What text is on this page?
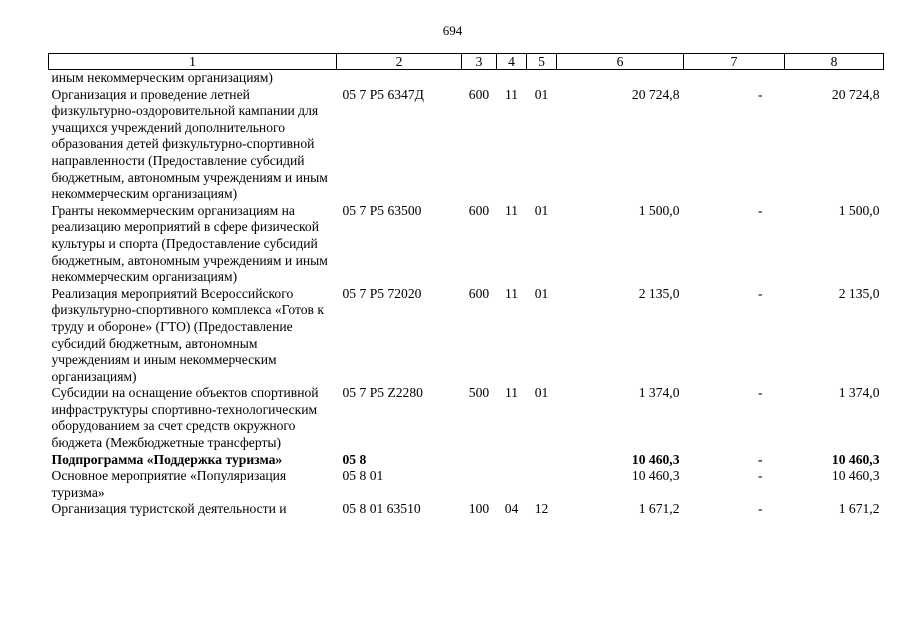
694
1	2	3	4	5	6	7	8
иным некоммерческим организациям)							
Организация и проведение летней физкультурно-оздоровительной кампании для учащихся учреждений дополнительного образования детей физкультурно-спортивной направленности (Предоставление субсидий бюджетным, автономным учреждениям и иным некоммерческим организациям)	05 7 Р5 6347Д	600	11	01	20 724,8	-	20 724,8
Гранты некоммерческим организациям на реализацию мероприятий в сфере физической культуры и спорта (Предоставление субсидий бюджетным, автономным учреждениям и иным некоммерческим организациям)	05 7 Р5 63500	600	11	01	1 500,0	-	1 500,0
Реализация мероприятий Всероссийского физкультурно-спортивного комплекса «Готов к труду и обороне» (ГТО) (Предоставление субсидий бюджетным, автономным учреждениям и иным некоммерческим организациям)	05 7 Р5 72020	600	11	01	2 135,0	-	2 135,0
Субсидии на оснащение объектов спортивной инфраструктуры спортивно-технологическим оборудованием за счет средств окружного бюджета (Межбюджетные трансферты)	05 7 Р5 Z2280	500	11	01	1 374,0	-	1 374,0
Подпрограмма «Поддержка туризма»	05 8				10 460,3	-	10 460,3
Основное мероприятие «Популяризация туризма»	05 8 01				10 460,3	-	10 460,3
Организация туристской деятельности и	05 8 01 63510	100	04	12	1 671,2	-	1 671,2
